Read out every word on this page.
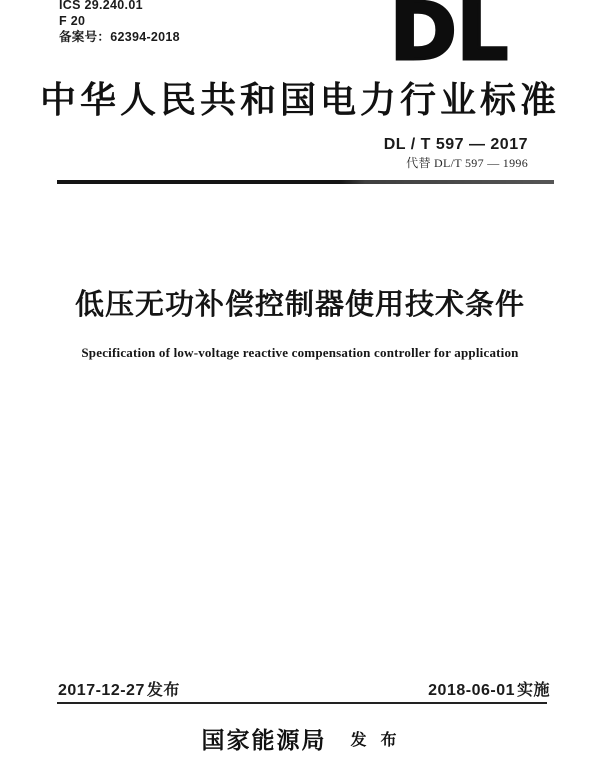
ICS 29.240.01
F 20
备案号：62394-2018	DL
中华人民共和国电力行业标准
DL / T 597 — 2017
代替 DL/T 597 — 1996
低压无功补偿控制器使用技术条件
Specification of low-voltage reactive compensation controller for application
2017-12-27 发布	2018-06-01 实施
国家能源局 发 布
